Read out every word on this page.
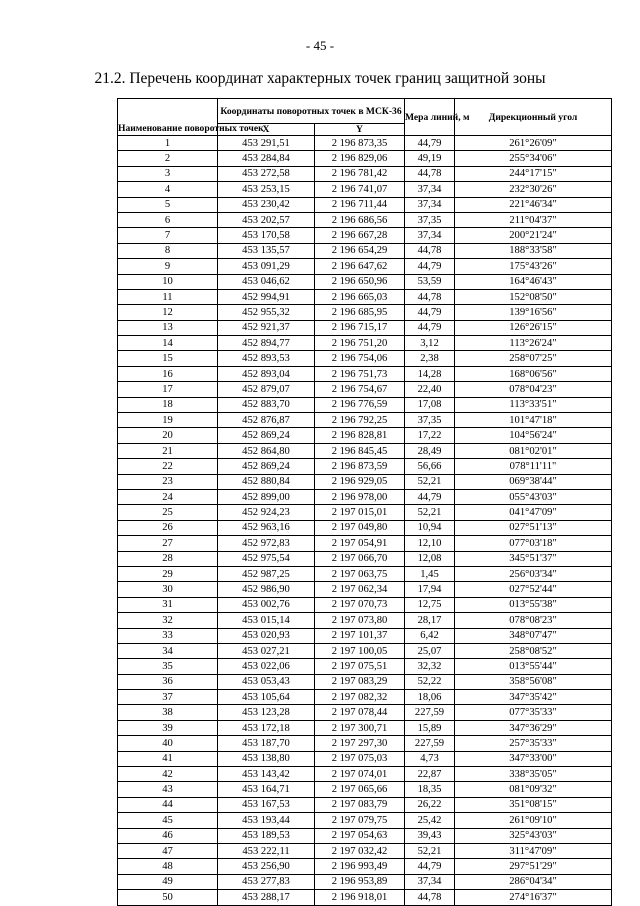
- 45 -
21.2. Перечень координат характерных точек границ защитной зоны
Наименование поворотных точек	Координаты поворотных точек в МСК-36		Мера линий, м	Дирекционный угол
	X	Y		
1	453 291,51	2 196 873,35	44,79	261°26'09"
2	453 284,84	2 196 829,06	49,19	255°34'06"
3	453 272,58	2 196 781,42	44,78	244°17'15"
4	453 253,15	2 196 741,07	37,34	232°30'26"
5	453 230,42	2 196 711,44	37,34	221°46'34"
6	453 202,57	2 196 686,56	37,35	211°04'37"
7	453 170,58	2 196 667,28	37,34	200°21'24"
8	453 135,57	2 196 654,29	44,78	188°33'58"
9	453 091,29	2 196 647,62	44,79	175°43'26"
10	453 046,62	2 196 650,96	53,59	164°46'43"
11	452 994,91	2 196 665,03	44,78	152°08'50"
12	452 955,32	2 196 685,95	44,79	139°16'56"
13	452 921,37	2 196 715,17	44,79	126°26'15"
14	452 894,77	2 196 751,20	3,12	113°26'24"
15	452 893,53	2 196 754,06	2,38	258°07'25"
16	452 893,04	2 196 751,73	14,28	168°06'56"
17	452 879,07	2 196 754,67	22,40	078°04'23"
18	452 883,70	2 196 776,59	17,08	113°33'51"
19	452 876,87	2 196 792,25	37,35	101°47'18"
20	452 869,24	2 196 828,81	17,22	104°56'24"
21	452 864,80	2 196 845,45	28,49	081°02'01"
22	452 869,24	2 196 873,59	56,66	078°11'11"
23	452 880,84	2 196 929,05	52,21	069°38'44"
24	452 899,00	2 196 978,00	44,79	055°43'03"
25	452 924,23	2 197 015,01	52,21	041°47'09"
26	452 963,16	2 197 049,80	10,94	027°51'13"
27	452 972,83	2 197 054,91	12,10	077°03'18"
28	452 975,54	2 197 066,70	12,08	345°51'37"
29	452 987,25	2 197 063,75	1,45	256°03'34"
30	452 986,90	2 197 062,34	17,94	027°52'44"
31	453 002,76	2 197 070,73	12,75	013°55'38"
32	453 015,14	2 197 073,80	28,17	078°08'23"
33	453 020,93	2 197 101,37	6,42	348°07'47"
34	453 027,21	2 197 100,05	25,07	258°08'52"
35	453 022,06	2 197 075,51	32,32	013°55'44"
36	453 053,43	2 197 083,29	52,22	358°56'08"
37	453 105,64	2 197 082,32	18,06	347°35'42"
38	453 123,28	2 197 078,44	227,59	077°35'33"
39	453 172,18	2 197 300,71	15,89	347°36'29"
40	453 187,70	2 197 297,30	227,59	257°35'33"
41	453 138,80	2 197 075,03	4,73	347°33'00"
42	453 143,42	2 197 074,01	22,87	338°35'05"
43	453 164,71	2 197 065,66	18,35	081°09'32"
44	453 167,53	2 197 083,79	26,22	351°08'15"
45	453 193,44	2 197 079,75	25,42	261°09'10"
46	453 189,53	2 197 054,63	39,43	325°43'03"
47	453 222,11	2 197 032,42	52,21	311°47'09"
48	453 256,90	2 196 993,49	44,79	297°51'29"
49	453 277,83	2 196 953,89	37,34	286°04'34"
50	453 288,17	2 196 918,01	44,78	274°16'37"
